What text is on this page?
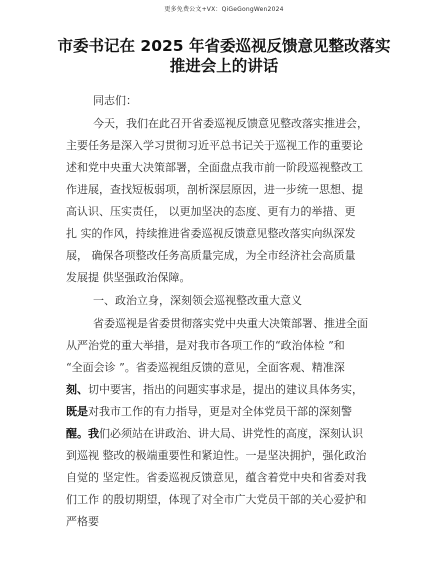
更多免费公文+VX：QiGeGongWen2024
市委书记在 2025 年省委巡视反馈意见整改落实
推进会上的讲话
同志们：
今天，我们在此召开省委巡视反馈意见整改落实推进会，
主要任务是深入学习贯彻习近平总书记关于巡视工作的重要论
述和党中央重大决策部署，全面盘点我市前一阶段巡视整改工
作进展，查找短板弱项，剖析深层原因，进一步统一思想、提
高认识、压实责任， 以更加坚决的态度、更有力的举措、更
扎 实的作风，持续推进省委巡视反馈意见整改落实向纵深发
展， 确保各项整改任务高质量完成，为全市经济社会高质量
发展提 供坚强政治保障。
一、政治立身，深刻领会巡视整改重大意义
省委巡视是省委贯彻落实党中央重大决策部署、推进全面
从严治党的重大举措，是对我市各项工作的“政治体检 ”和
“全面会诊 ”。省委巡视组反馈的意见，全面客观、精准深
刻、切中要害，指出的问题实事求是，提出的建议具体务实，
既是对我市工作的有力指导，更是对全体党员干部的深刻警
醒。我们必须站在讲政治、讲大局、讲党性的高度，深刻认识
到巡视 整改的极端重要性和紧迫性。一是坚决拥护，强化政治
自觉的 坚定性。省委巡视反馈意见，蕴含着党中央和省委对我
们工作 的殷切期望，体现了对全市广大党员干部的关心爱护和
严格要
